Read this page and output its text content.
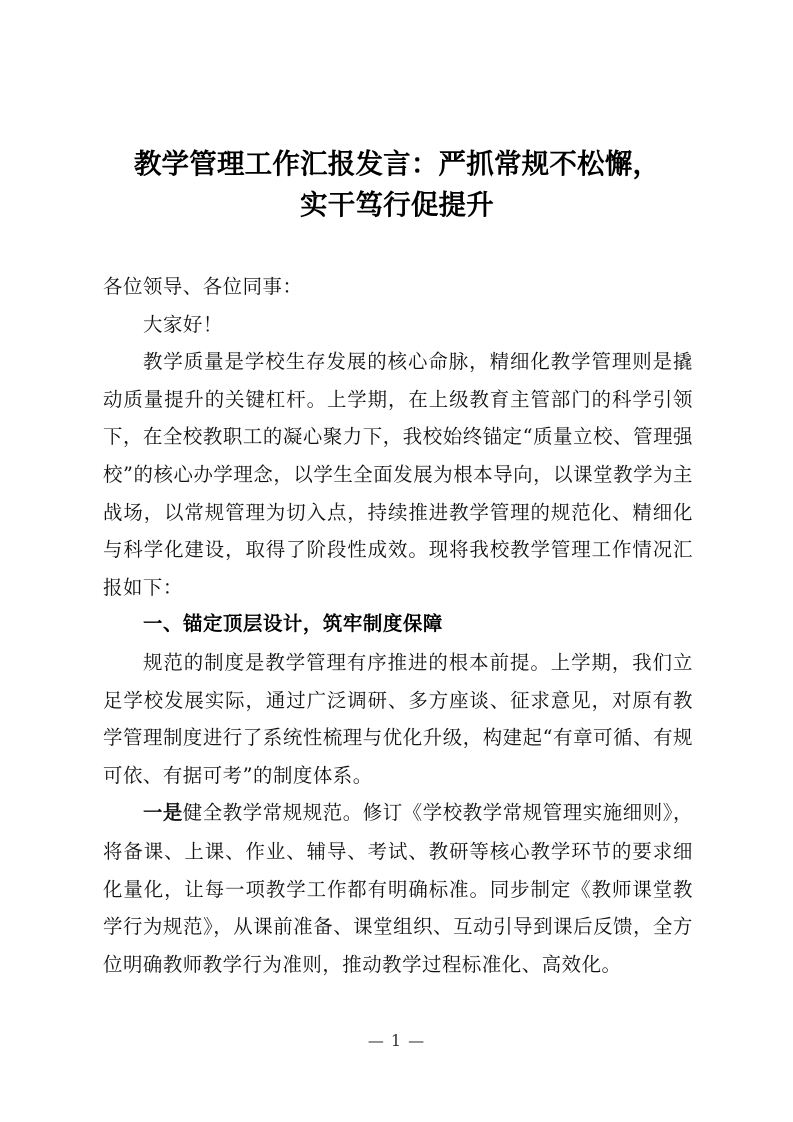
教学管理工作汇报发言：严抓常规不松懈，
实干笃行促提升

各位领导、各位同事：

大家好！

教学质量是学校生存发展的核心命脉，精细化教学管理则是撬动质量提升的关键杠杆。上学期，在上级教育主管部门的科学引领下，在全校教职工的凝心聚力下，我校始终锚定“质量立校、管理强校”的核心办学理念，以学生全面发展为根本导向，以课堂教学为主战场，以常规管理为切入点，持续推进教学管理的规范化、精细化与科学化建设，取得了阶段性成效。现将我校教学管理工作情况汇报如下：

一、锚定顶层设计，筑牢制度保障

规范的制度是教学管理有序推进的根本前提。上学期，我们立足学校发展实际，通过广泛调研、多方座谈、征求意见，对原有教学管理制度进行了系统性梳理与优化升级，构建起“有章可循、有规可依、有据可考”的制度体系。

一是健全教学常规规范。修订《学校教学常规管理实施细则》，将备课、上课、作业、辅导、考试、教研等核心教学环节的要求细化量化，让每一项教学工作都有明确标准。同步制定《教师课堂教学行为规范》，从课前准备、课堂组织、互动引导到课后反馈，全方位明确教师教学行为准则，推动教学过程标准化、高效化。

— 1 —
